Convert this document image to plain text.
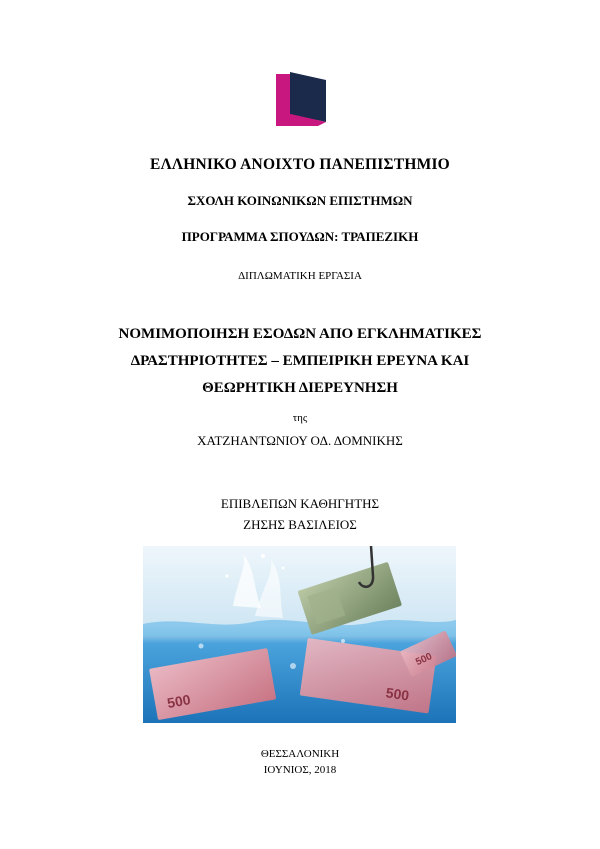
ΕΛΛΗΝΙΚΟ ΑΝΟΙΧΤΟ ΠΑΝΕΠΙΣΤΗΜΙΟ
ΣΧΟΛΗ ΚΟΙΝΩΝΙΚΩΝ ΕΠΙΣΤΗΜΩΝ
ΠΡΟΓΡΑΜΜΑ ΣΠΟΥΔΩΝ: ΤΡΑΠΕΖΙΚΗ
ΔΙΠΛΩΜΑΤΙΚΗ ΕΡΓΑΣΙΑ
ΝΟΜΙΜΟΠΟΙΗΣΗ ΕΣΟΔΩΝ ΑΠΟ ΕΓΚΛΗΜΑΤΙΚΕΣ
ΔΡΑΣΤΗΡΙΟΤΗΤΕΣ – ΕΜΠΕΙΡΙΚΗ ΕΡΕΥΝΑ ΚΑΙ
ΘΕΩΡΗΤΙΚΗ ΔΙΕΡΕΥΝΗΣΗ
της
ΧΑΤΖΗΑΝΤΩΝΙΟΥ ΟΔ. ΔΟΜΝΙΚΗΣ
ΕΠΙΒΛΕΠΩΝ ΚΑΘΗΓΗΤΗΣ
ΖΗΣΗΣ ΒΑΣΙΛΕΙΟΣ
500	500
500
ΘΕΣΣΑΛΟΝΙΚΗ
ΙΟΥΝΙΟΣ, 2018
